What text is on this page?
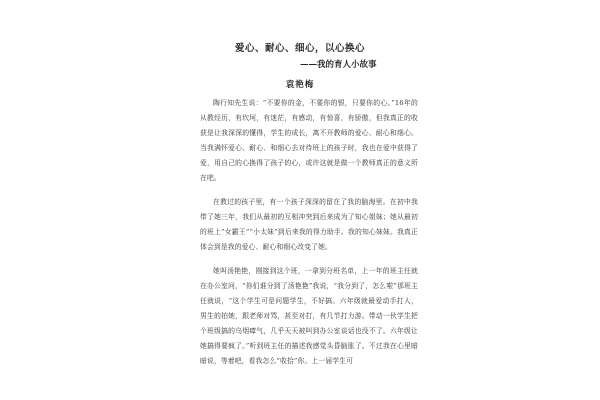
爱心、耐心、细心，以心换心
——我的育人小故事
袁艳梅

陶行知先生说：“不要你的金，不要你的银，只要你的心。”16年的从教经历，有坎坷，有迷茫，有感动，有惊喜，有骄傲，但我真正的收获是让我深深的懂得，学生的成长，离不开教师的爱心、耐心和细心。当我满怀爱心、耐心、和细心去对待班上的孩子时，我也在爱中获得了爱，用自己的心换得了孩子的心，或许这就是做一个教师真正的意义所在吧。

在教过的孩子里，有一个孩子深深的留在了我的脑海里。在初中我带了她三年，我们从最初的互相冲突到后来成为了知心姐妹；她从最初的班上“女霸王”“小太妹”到后来我的得力助手。我的知心妹妹。我真正体会到是我的爱心、耐心和细心改变了她。

她叫汤艳艳，刚接到这个班，一拿到分班名单，上一年的班主任就在办公室问，“你们谁分到了汤艳艳”我说，“我分到了，怎么啦”那班主任就说，“这个学生可是问题学生，不好搞。六年级就最爱动手打人，男生的拍她，跟老师对骂，甚至对打，有几节打力游。带动一伙学生把个班级搞的乌烟瘴气，几乎天天被叫到办公室谈话也没不了。六年级让她搞得要疯了。”听到班主任的描述我感觉头昏脑胀了。不过我在心里暗暗说，等着吧，看我怎么“收拾”你。上一届学生可
